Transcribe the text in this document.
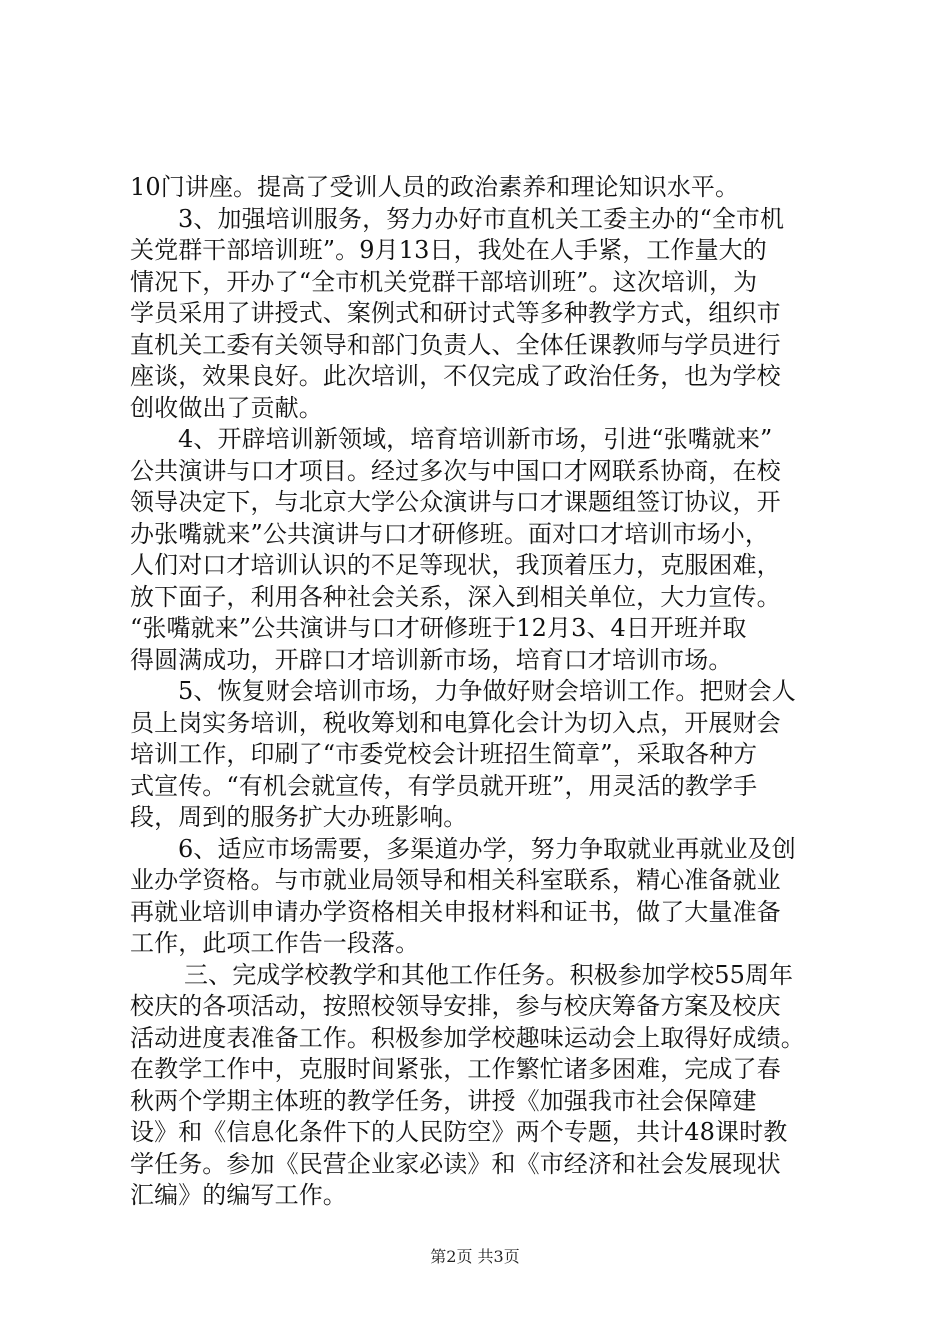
10门讲座。提高了受训人员的政治素养和理论知识水平。
3、加强培训服务，努力办好市直机关工委主办的“全市机
关党群干部培训班”。9月13日，我处在人手紧，工作量大的
情况下，开办了“全市机关党群干部培训班”。这次培训，为
学员采用了讲授式、案例式和研讨式等多种教学方式，组织市
直机关工委有关领导和部门负责人、全体任课教师与学员进行
座谈，效果良好。此次培训，不仅完成了政治任务，也为学校
创收做出了贡献。
4、开辟培训新领域，培育培训新市场，引进“张嘴就来”
公共演讲与口才项目。经过多次与中国口才网联系协商，在校
领导决定下，与北京大学公众演讲与口才课题组签订协议，开
办张嘴就来”公共演讲与口才研修班。面对口才培训市场小，
人们对口才培训认识的不足等现状，我顶着压力，克服困难，
放下面子，利用各种社会关系，深入到相关单位，大力宣传。
“张嘴就来”公共演讲与口才研修班于12月3、4日开班并取
得圆满成功，开辟口才培训新市场，培育口才培训市场。
5、恢复财会培训市场，力争做好财会培训工作。把财会人
员上岗实务培训，税收筹划和电算化会计为切入点，开展财会
培训工作，印刷了“市委党校会计班招生简章”，采取各种方
式宣传。“有机会就宣传，有学员就开班”，用灵活的教学手
段，周到的服务扩大办班影响。
6、适应市场需要，多渠道办学，努力争取就业再就业及创
业办学资格。与市就业局领导和相关科室联系，精心准备就业
再就业培训申请办学资格相关申报材料和证书，做了大量准备
工作，此项工作告一段落。
三、完成学校教学和其他工作任务。积极参加学校55周年
校庆的各项活动，按照校领导安排，参与校庆筹备方案及校庆
活动进度表准备工作。积极参加学校趣味运动会上取得好成绩。
在教学工作中，克服时间紧张，工作繁忙诸多困难，完成了春
秋两个学期主体班的教学任务，讲授《加强我市社会保障建
设》和《信息化条件下的人民防空》两个专题，共计48课时教
学任务。参加《民营企业家必读》和《市经济和社会发展现状
汇编》的编写工作。
第2页 共3页
